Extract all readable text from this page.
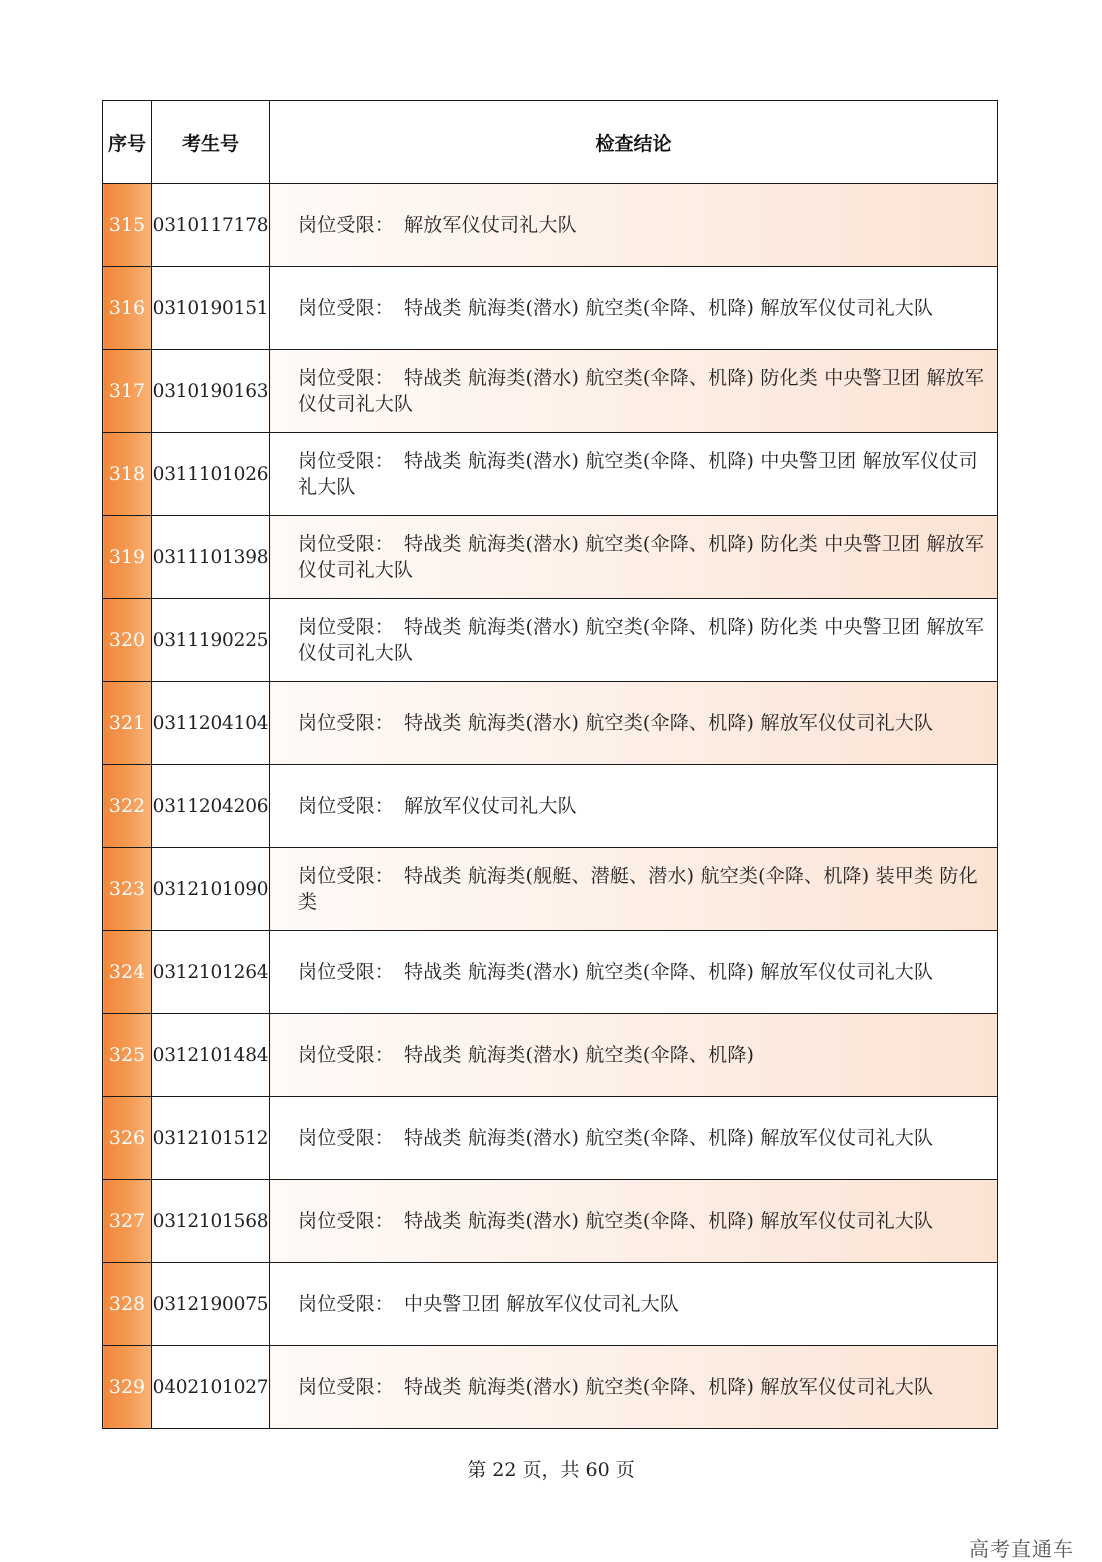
序号	考生号	检查结论
315	0310117178	岗位受限： 解放军仪仗司礼大队
316	0310190151	岗位受限： 特战类 航海类(潜水) 航空类(伞降、机降) 解放军仪仗司礼大队
317	0310190163	岗位受限： 特战类 航海类(潜水) 航空类(伞降、机降) 防化类 中央警卫团 解放军仪仗司礼大队
318	0311101026	岗位受限： 特战类 航海类(潜水) 航空类(伞降、机降) 中央警卫团 解放军仪仗司礼大队
319	0311101398	岗位受限： 特战类 航海类(潜水) 航空类(伞降、机降) 防化类 中央警卫团 解放军仪仗司礼大队
320	0311190225	岗位受限： 特战类 航海类(潜水) 航空类(伞降、机降) 防化类 中央警卫团 解放军仪仗司礼大队
321	0311204104	岗位受限： 特战类 航海类(潜水) 航空类(伞降、机降) 解放军仪仗司礼大队
322	0311204206	岗位受限： 解放军仪仗司礼大队
323	0312101090	岗位受限： 特战类 航海类(舰艇、潜艇、潜水) 航空类(伞降、机降) 装甲类 防化类
324	0312101264	岗位受限： 特战类 航海类(潜水) 航空类(伞降、机降) 解放军仪仗司礼大队
325	0312101484	岗位受限： 特战类 航海类(潜水) 航空类(伞降、机降)
326	0312101512	岗位受限： 特战类 航海类(潜水) 航空类(伞降、机降) 解放军仪仗司礼大队
327	0312101568	岗位受限： 特战类 航海类(潜水) 航空类(伞降、机降) 解放军仪仗司礼大队
328	0312190075	岗位受限： 中央警卫团 解放军仪仗司礼大队
329	0402101027	岗位受限： 特战类 航海类(潜水) 航空类(伞降、机降) 解放军仪仗司礼大队
第 22 页，共 60 页
高考直通车
